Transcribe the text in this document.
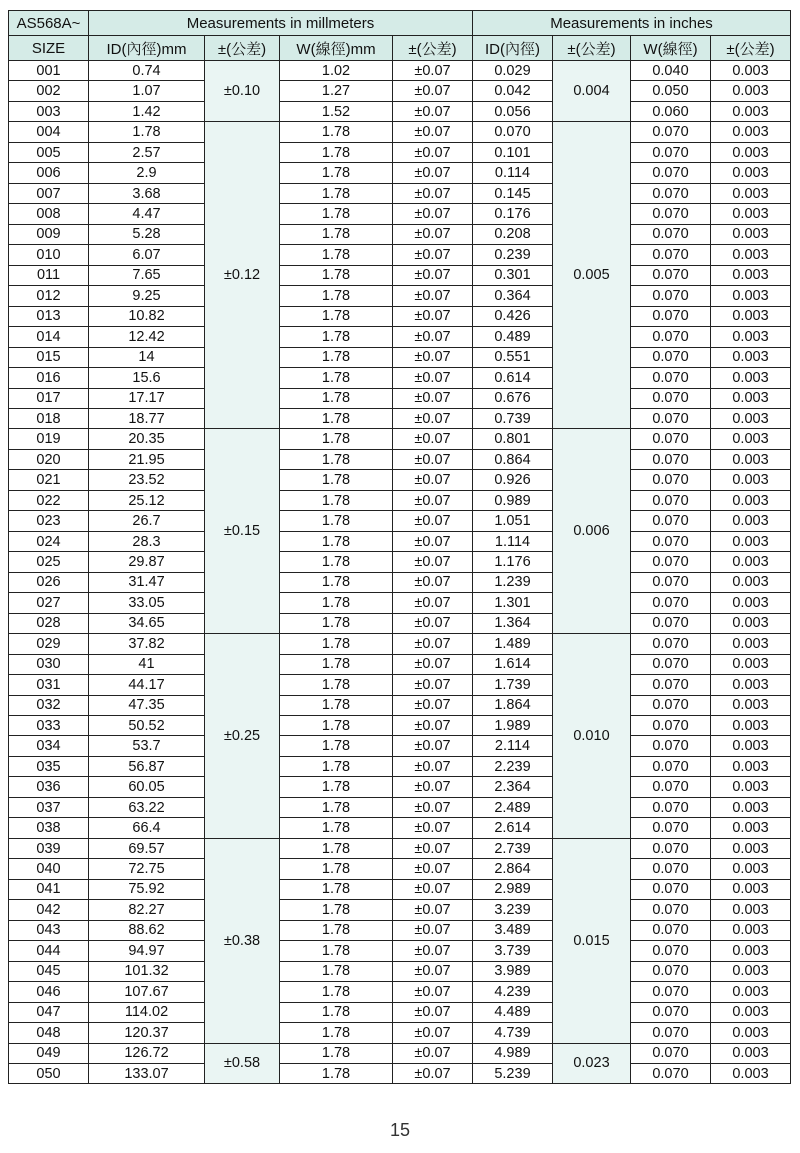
AS568A~	Measurements in millmeters				Measurements in inches			
SIZE	ID(內徑)mm	±(公差)	W(線徑)mm	±(公差)	ID(內徑)	±(公差)	W(線徑)	±(公差)
001	0.74	±0.10	1.02	±0.07	0.029	0.004	0.040	0.003
002	1.07		1.27	±0.07	0.042		0.050	0.003
003	1.42		1.52	±0.07	0.056		0.060	0.003
004	1.78	±0.12	1.78	±0.07	0.070	0.005	0.070	0.003
005	2.57		1.78	±0.07	0.101		0.070	0.003
006	2.9		1.78	±0.07	0.114		0.070	0.003
007	3.68		1.78	±0.07	0.145		0.070	0.003
008	4.47		1.78	±0.07	0.176		0.070	0.003
009	5.28		1.78	±0.07	0.208		0.070	0.003
010	6.07		1.78	±0.07	0.239		0.070	0.003
011	7.65		1.78	±0.07	0.301		0.070	0.003
012	9.25		1.78	±0.07	0.364		0.070	0.003
013	10.82		1.78	±0.07	0.426		0.070	0.003
014	12.42		1.78	±0.07	0.489		0.070	0.003
015	14		1.78	±0.07	0.551		0.070	0.003
016	15.6		1.78	±0.07	0.614		0.070	0.003
017	17.17		1.78	±0.07	0.676		0.070	0.003
018	18.77		1.78	±0.07	0.739		0.070	0.003
019	20.35	±0.15	1.78	±0.07	0.801	0.006	0.070	0.003
020	21.95		1.78	±0.07	0.864		0.070	0.003
021	23.52		1.78	±0.07	0.926		0.070	0.003
022	25.12		1.78	±0.07	0.989		0.070	0.003
023	26.7		1.78	±0.07	1.051		0.070	0.003
024	28.3		1.78	±0.07	1.114		0.070	0.003
025	29.87		1.78	±0.07	1.176		0.070	0.003
026	31.47		1.78	±0.07	1.239		0.070	0.003
027	33.05		1.78	±0.07	1.301		0.070	0.003
028	34.65		1.78	±0.07	1.364		0.070	0.003
029	37.82	±0.25	1.78	±0.07	1.489	0.010	0.070	0.003
030	41		1.78	±0.07	1.614		0.070	0.003
031	44.17		1.78	±0.07	1.739		0.070	0.003
032	47.35		1.78	±0.07	1.864		0.070	0.003
033	50.52		1.78	±0.07	1.989		0.070	0.003
034	53.7		1.78	±0.07	2.114		0.070	0.003
035	56.87		1.78	±0.07	2.239		0.070	0.003
036	60.05		1.78	±0.07	2.364		0.070	0.003
037	63.22		1.78	±0.07	2.489		0.070	0.003
038	66.4		1.78	±0.07	2.614		0.070	0.003
039	69.57	±0.38	1.78	±0.07	2.739	0.015	0.070	0.003
040	72.75		1.78	±0.07	2.864		0.070	0.003
041	75.92		1.78	±0.07	2.989		0.070	0.003
042	82.27		1.78	±0.07	3.239		0.070	0.003
043	88.62		1.78	±0.07	3.489		0.070	0.003
044	94.97		1.78	±0.07	3.739		0.070	0.003
045	101.32		1.78	±0.07	3.989		0.070	0.003
046	107.67		1.78	±0.07	4.239		0.070	0.003
047	114.02		1.78	±0.07	4.489		0.070	0.003
048	120.37		1.78	±0.07	4.739		0.070	0.003
049	126.72	±0.58	1.78	±0.07	4.989	0.023	0.070	0.003
050	133.07		1.78	±0.07	5.239		0.070	0.003
15
